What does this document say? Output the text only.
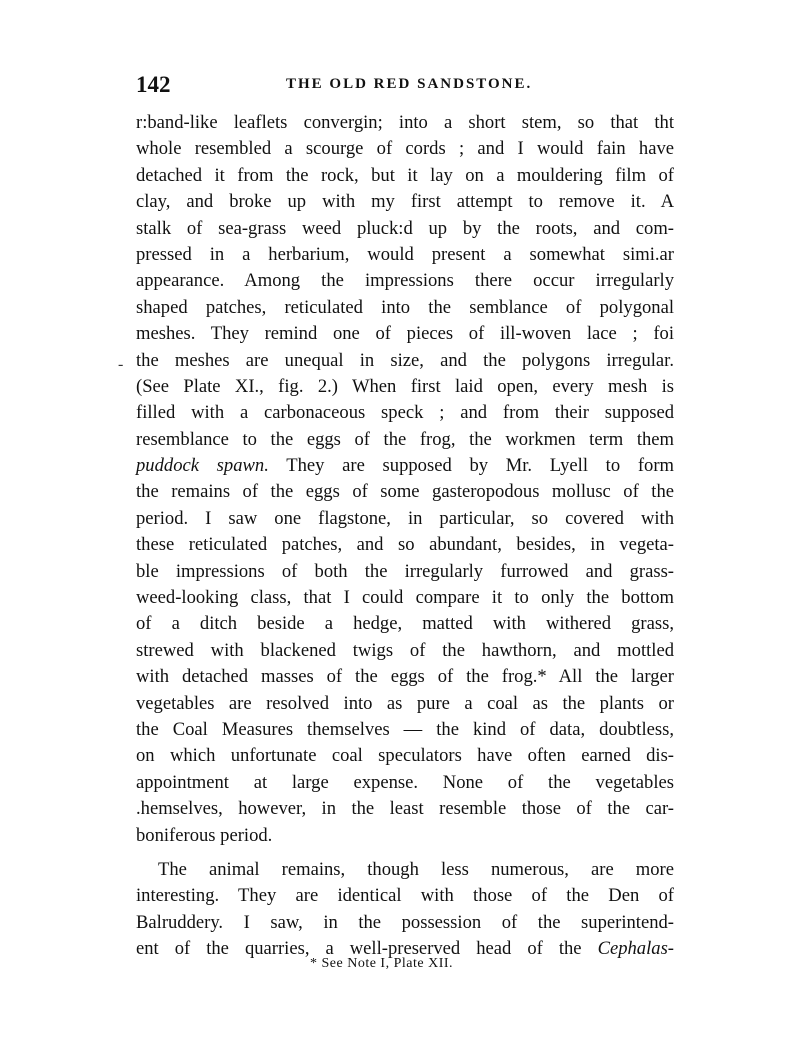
142	THE OLD RED SANDSTONE.
-
r:band-like leaflets convergin; into a short stem, so that tht
whole resembled a scourge of cords ; and I would fain have
detached it from the rock, but it lay on a mouldering film of
clay, and broke up with my first attempt to remove it. A
stalk of sea-grass weed pluck:d up by the roots, and com-
pressed in a herbarium, would present a somewhat simi.ar
appearance. Among the impressions there occur irregularly
shaped patches, reticulated into the semblance of polygonal
meshes. They remind one of pieces of ill-woven lace ; foi
the meshes are unequal in size, and the polygons irregular.
(See Plate XI., fig. 2.) When first laid open, every mesh is
filled with a carbonaceous speck ; and from their supposed
resemblance to the eggs of the frog, the workmen term them
puddock spawn. They are supposed by Mr. Lyell to form
the remains of the eggs of some gasteropodous mollusc of the
period. I saw one flagstone, in particular, so covered with
these reticulated patches, and so abundant, besides, in vegeta-
ble impressions of both the irregularly furrowed and grass-
weed-looking class, that I could compare it to only the bottom
of a ditch beside a hedge, matted with withered grass,
strewed with blackened twigs of the hawthorn, and mottled
with detached masses of the eggs of the frog.* All the larger
vegetables are resolved into as pure a coal as the plants or
the Coal Measures themselves — the kind of data, doubtless,
on which unfortunate coal speculators have often earned dis-
appointment at large expense. None of the vegetables
.hemselves, however, in the least resemble those of the car-
boniferous period.
The animal remains, though less numerous, are more
interesting. They are identical with those of the Den of
Balruddery. I saw, in the possession of the superintend-
ent of the quarries, a well-preserved head of the Cephalas-
* See Note I, Plate XII.
